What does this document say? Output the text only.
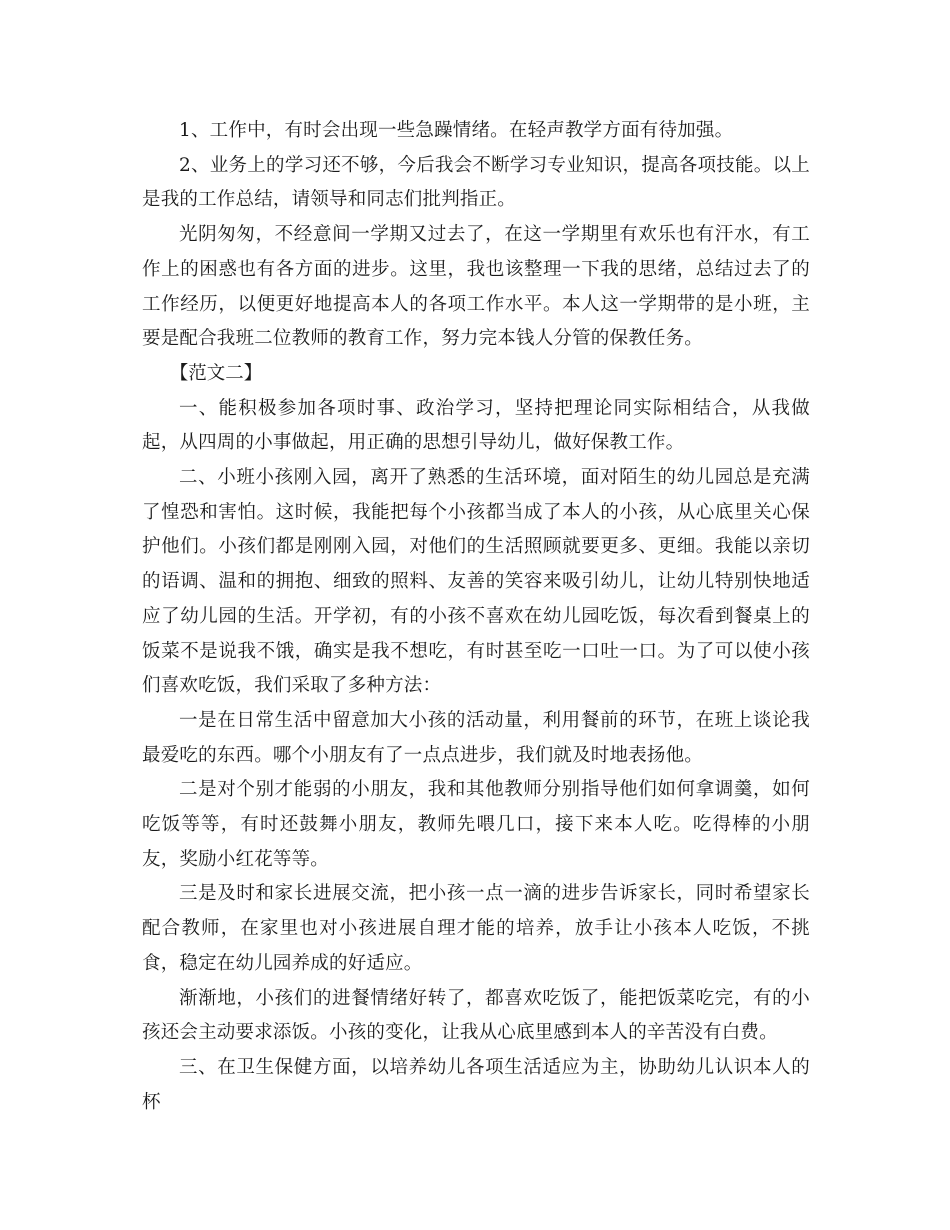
1、工作中，有时会出现一些急躁情绪。在轻声教学方面有待加强。

2、业务上的学习还不够，今后我会不断学习专业知识，提高各项技能。以上是我的工作总结，请领导和同志们批判指正。

光阴匆匆，不经意间一学期又过去了，在这一学期里有欢乐也有汗水，有工作上的困惑也有各方面的进步。这里，我也该整理一下我的思绪，总结过去了的工作经历，以便更好地提高本人的各项工作水平。本人这一学期带的是小班，主要是配合我班二位教师的教育工作，努力完本钱人分管的保教任务。

【范文二】

一、能积极参加各项时事、政治学习，坚持把理论同实际相结合，从我做起，从四周的小事做起，用正确的思想引导幼儿，做好保教工作。

二、小班小孩刚入园，离开了熟悉的生活环境，面对陌生的幼儿园总是充满了惶恐和害怕。这时候，我能把每个小孩都当成了本人的小孩，从心底里关心保护他们。小孩们都是刚刚入园，对他们的生活照顾就要更多、更细。我能以亲切的语调、温和的拥抱、细致的照料、友善的笑容来吸引幼儿，让幼儿特别快地适应了幼儿园的生活。开学初，有的小孩不喜欢在幼儿园吃饭，每次看到餐桌上的饭菜不是说我不饿，确实是我不想吃，有时甚至吃一口吐一口。为了可以使小孩们喜欢吃饭，我们采取了多种方法：

一是在日常生活中留意加大小孩的活动量，利用餐前的环节，在班上谈论我最爱吃的东西。哪个小朋友有了一点点进步，我们就及时地表扬他。

二是对个别才能弱的小朋友，我和其他教师分别指导他们如何拿调羹，如何吃饭等等，有时还鼓舞小朋友，教师先喂几口，接下来本人吃。吃得棒的小朋友，奖励小红花等等。

三是及时和家长进展交流，把小孩一点一滴的进步告诉家长，同时希望家长配合教师，在家里也对小孩进展自理才能的培养，放手让小孩本人吃饭，不挑食，稳定在幼儿园养成的好适应。

渐渐地，小孩们的进餐情绪好转了，都喜欢吃饭了，能把饭菜吃完，有的小孩还会主动要求添饭。小孩的变化，让我从心底里感到本人的辛苦没有白费。

三、在卫生保健方面，以培养幼儿各项生活适应为主，协助幼儿认识本人的杯
